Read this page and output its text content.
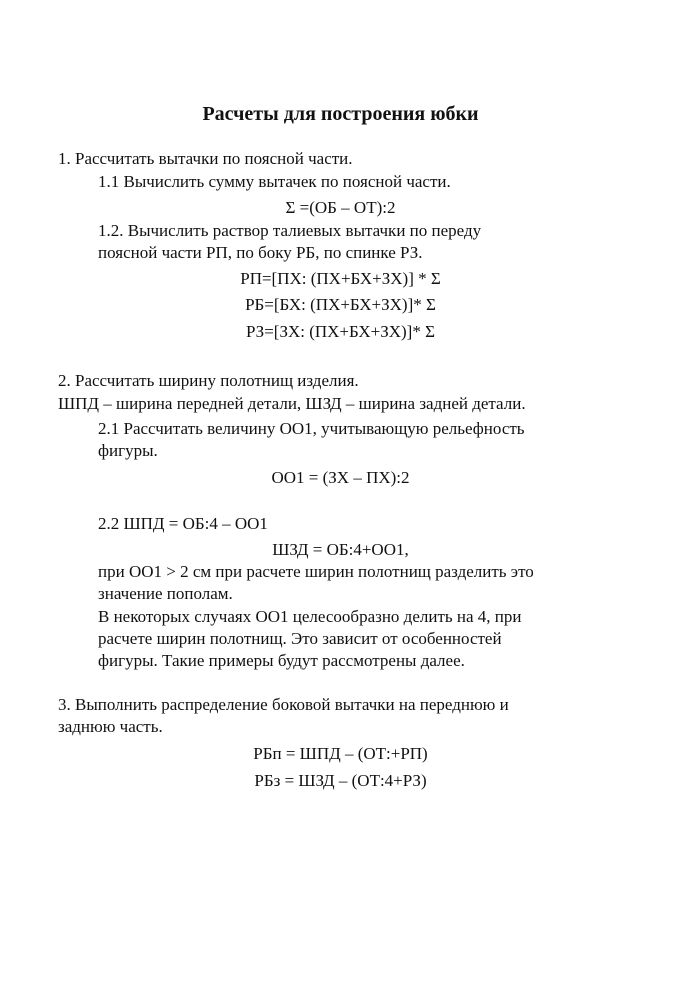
Расчеты для построения юбки
1. Рассчитать вытачки по поясной части.
1.1 Вычислить сумму вытачек по поясной части.
Σ =(ОБ – ОТ):2
1.2. Вычислить раствор талиевых вытачки по переду
поясной части РП, по боку РБ, по спинке РЗ.
РП=[ПХ: (ПХ+БХ+ЗХ)] * Σ
РБ=[БХ: (ПХ+БХ+ЗХ)]* Σ
РЗ=[ЗХ: (ПХ+БХ+ЗХ)]* Σ
2. Рассчитать ширину полотнищ изделия.
ШПД – ширина передней детали, ШЗД – ширина задней детали.
2.1 Рассчитать величину ОО1, учитывающую рельефность
фигуры.
ОО1 = (ЗХ – ПХ):2
2.2 ШПД = ОБ:4 – ОО1
ШЗД = ОБ:4+ОО1,
при ОО1 > 2 см при расчете ширин полотнищ разделить это
значение пополам.
В некоторых случаях ОО1 целесообразно делить на 4, при
расчете ширин полотнищ. Это зависит от особенностей
фигуры. Такие примеры будут рассмотрены далее.
3. Выполнить распределение боковой вытачки на переднюю и
заднюю часть.
РБп = ШПД – (ОТ:+РП)
РБз = ШЗД – (ОТ:4+РЗ)
